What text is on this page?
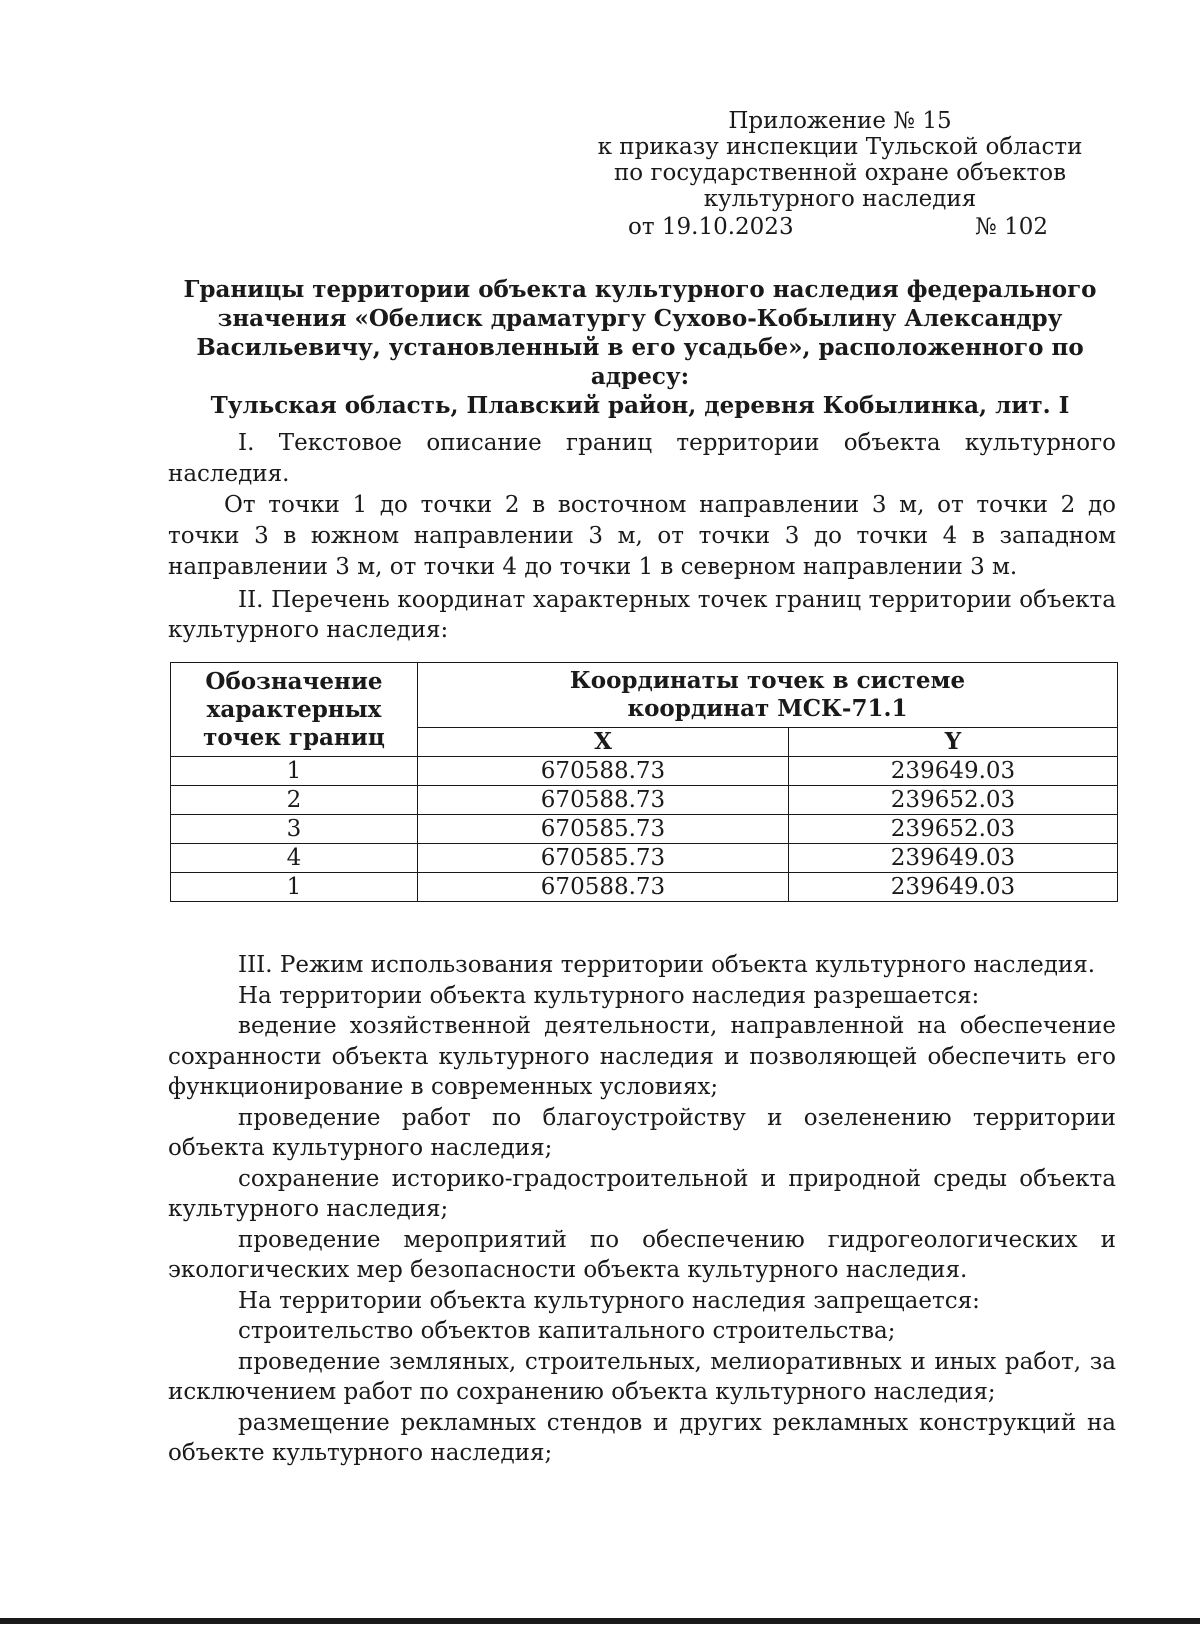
Приложение № 15
к приказу инспекции Тульской области
по государственной охране объектов
культурного наследия
от 19.10.2023	№ 102
Границы территории объекта культурного наследия федерального
значения «Обелиск драматургу Сухово-Кобылину Александру
Васильевичу, установленный в его усадьбе», расположенного по адресу:
Тульская область, Плавский район, деревня Кобылинка, лит. I

I. Текстовое описание границ территории объекта культурного наследия.

От точки 1 до точки 2 в восточном направлении 3 м, от точки 2 до точки 3 в южном направлении 3 м, от точки 3 до точки 4 в западном направлении 3 м, от точки 4 до точки 1 в северном направлении 3 м.

II. Перечень координат характерных точек границ территории объекта культурного наследия:

Обозначение характерных точек границ	Координаты точек в системе координат МСК-71.1	
	X	Y
1	670588.73	239649.03
2	670588.73	239652.03
3	670585.73	239652.03
4	670585.73	239649.03
1	670588.73	239649.03

III. Режим использования территории объекта культурного наследия.

На территории объекта культурного наследия разрешается:

ведение хозяйственной деятельности, направленной на обеспечение сохранности объекта культурного наследия и позволяющей обеспечить его функционирование в современных условиях;

проведение работ по благоустройству и озеленению территории объекта культурного наследия;

сохранение историко-градостроительной и природной среды объекта культурного наследия;

проведение мероприятий по обеспечению гидрогеологических и экологических мер безопасности объекта культурного наследия.

На территории объекта культурного наследия запрещается:

строительство объектов капитального строительства;

проведение земляных, строительных, мелиоративных и иных работ, за исключением работ по сохранению объекта культурного наследия;

размещение рекламных стендов и других рекламных конструкций на объекте культурного наследия;
